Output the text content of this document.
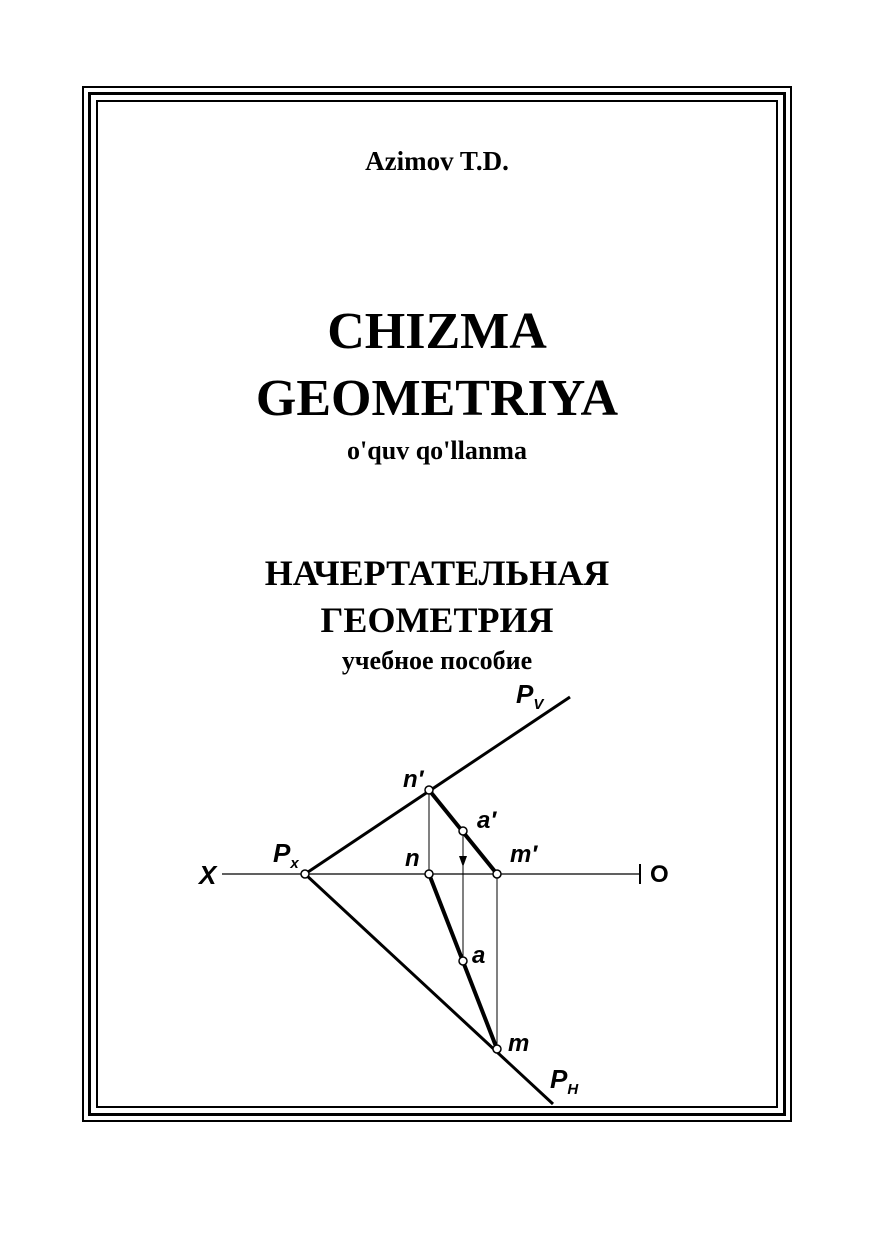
Azimov T.D.
CHIZMA
GEOMETRIYA
o'quv qo'llanma
НАЧЕРТАТЕЛЬНАЯ
ГЕОМЕТРИЯ
учебное пособие
X	O
$P_V$
$P_H$
$P_x$
n′
a′
m′
n
a
m
